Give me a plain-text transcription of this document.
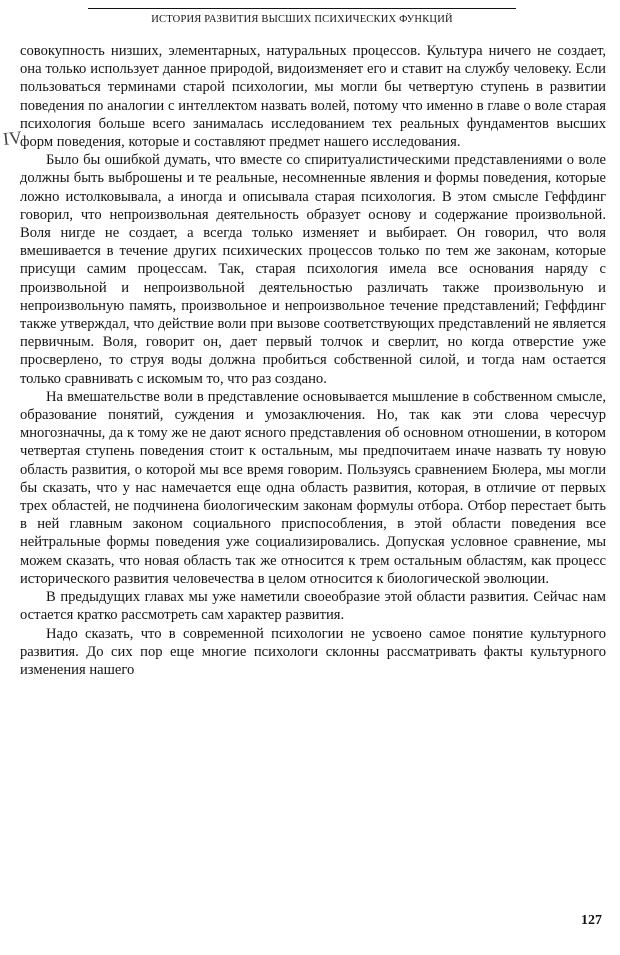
ИСТОРИЯ РАЗВИТИЯ ВЫСШИХ ПСИХИЧЕСКИХ ФУНКЦИЙ
IV

совокупность низших, элементарных, натуральных процессов. Культура ничего не создает, она только использует данное природой, видоизменяет его и ставит на службу человеку. Если пользоваться терминами старой психологии, мы могли бы четвертую ступень в развитии поведения по аналогии с интеллектом назвать волей, потому что именно в главе о воле старая психология больше всего занималась исследованием тех реальных фундаментов высших форм поведения, которые и составляют предмет нашего исследования.

Было бы ошибкой думать, что вместе со спиритуалистическими представлениями о воле должны быть выброшены и те реальные, несомненные явления и формы поведения, которые ложно истолковывала, а иногда и описывала старая психология. В этом смысле Геффдинг говорил, что непроизвольная деятельность образует основу и содержание произвольной. Воля нигде не создает, а всегда только изменяет и выбирает. Он говорил, что воля вмешивается в течение других психических процессов только по тем же законам, которые присущи самим процессам. Так, старая психология имела все основания наряду с произвольной и непроизвольной деятельностью различать также произвольную и непроизвольную память, произвольное и непроизвольное течение представлений; Геффдинг также утверждал, что действие воли при вызове соответствующих представлений не является первичным. Воля, говорит он, дает первый толчок и сверлит, но когда отверстие уже просверлено, то струя воды должна пробиться собственной силой, и тогда нам остается только сравнивать с искомым то, что раз создано.

На вмешательстве воли в представление основывается мышление в собственном смысле, образование понятий, суждения и умозаключения. Но, так как эти слова чересчур многозначны, да к тому же не дают ясного представления об основном отношении, в котором четвертая ступень поведения стоит к остальным, мы предпочитаем иначе назвать ту новую область развития, о которой мы все время говорим. Пользуясь сравнением Бюлера, мы могли бы сказать, что у нас намечается еще одна область развития, которая, в отличие от первых трех областей, не подчинена биологическим законам формулы отбора. Отбор перестает быть в ней главным законом социального приспособления, в этой области поведения все нейтральные формы поведения уже социализировались. Допуская условное сравнение, мы можем сказать, что новая область так же относится к трем остальным областям, как процесс исторического развития человечества в целом относится к биологической эволюции.

В предыдущих главах мы уже наметили своеобразие этой области развития. Сейчас нам остается кратко рассмотреть сам характер развития.

Надо сказать, что в современной психологии не усвоено самое понятие культурного развития. До сих пор еще многие психологи склонны рассматривать факты культурного изменения нашего

127
